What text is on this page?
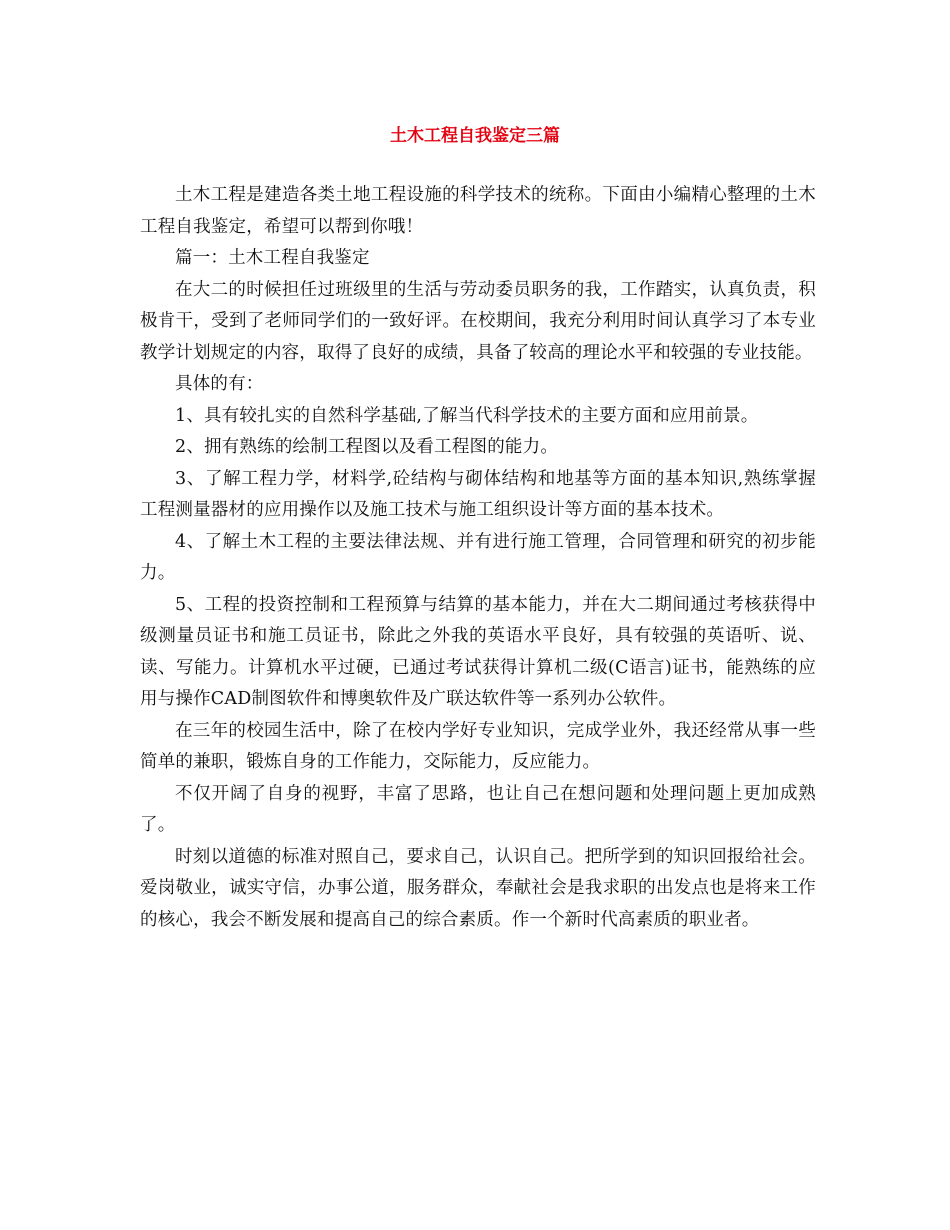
土木工程自我鉴定三篇

土木工程是建造各类土地工程设施的科学技术的统称。下面由小编精心整理的土木工程自我鉴定，希望可以帮到你哦！

篇一：土木工程自我鉴定

在大二的时候担任过班级里的生活与劳动委员职务的我，工作踏实，认真负责，积极肯干，受到了老师同学们的一致好评。在校期间，我充分利用时间认真学习了本专业教学计划规定的内容，取得了良好的成绩，具备了较高的理论水平和较强的专业技能。

具体的有：

1、具有较扎实的自然科学基础,了解当代科学技术的主要方面和应用前景。

2、拥有熟练的绘制工程图以及看工程图的能力。

3、了解工程力学，材料学,砼结构与砌体结构和地基等方面的基本知识,熟练掌握工程测量器材的应用操作以及施工技术与施工组织设计等方面的基本技术。

4、了解土木工程的主要法律法规、并有进行施工管理，合同管理和研究的初步能力。

5、工程的投资控制和工程预算与结算的基本能力，并在大二期间通过考核获得中级测量员证书和施工员证书，除此之外我的英语水平良好，具有较强的英语听、说、读、写能力。计算机水平过硬，已通过考试获得计算机二级(C语言)证书，能熟练的应用与操作CAD制图软件和博奥软件及广联达软件等一系列办公软件。

在三年的校园生活中，除了在校内学好专业知识，完成学业外，我还经常从事一些简单的兼职，锻炼自身的工作能力，交际能力，反应能力。

不仅开阔了自身的视野，丰富了思路，也让自己在想问题和处理问题上更加成熟了。

时刻以道德的标准对照自己，要求自己，认识自己。把所学到的知识回报给社会。爱岗敬业，诚实守信，办事公道，服务群众，奉献社会是我求职的出发点也是将来工作的核心，我会不断发展和提高自己的综合素质。作一个新时代高素质的职业者。
